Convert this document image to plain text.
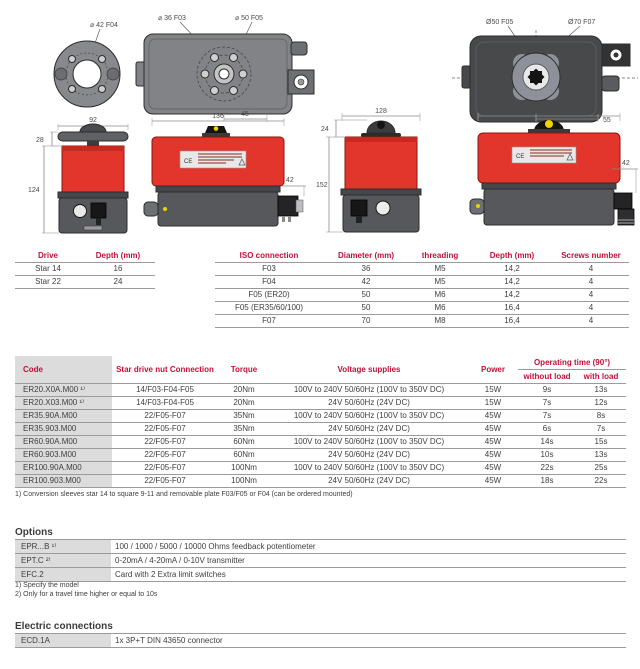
⌀ 42 F04
⌀ 36 F03	⌀ 50 F05
45
Ø50 F05	Ø70 F07
55
92
28
124
136
CE
42
128
24
152
151
CE
42
Drive	Depth (mm)
Star 14	16
Star 22	24
ISO connection	Diameter (mm)	threading	Depth (mm)	Screws number
F03	36	M5	14,2	4
F04	42	M5	14,2	4
F05 (ER20)	50	M6	14,2	4
F05 (ER35/60/100)	50	M6	16,4	4
F07	70	M8	16,4	4
Code	Star drive nut Connection	Torque	Voltage supplies	Power	Operating time (90°)	
					without load	with load
ER20.X0A.M00 ¹⁾	14/F03-F04-F05	20Nm	100V to 240V 50/60Hz (100V to 350V DC)	15W	9s	13s
ER20.X03.M00 ¹⁾	14/F03-F04-F05	20Nm	24V 50/60Hz (24V DC)	15W	7s	12s
ER35.90A.M00	22/F05-F07	35Nm	100V to 240V 50/60Hz (100V to 350V DC)	45W	7s	8s
ER35.903.M00	22/F05-F07	35Nm	24V 50/60Hz (24V DC)	45W	6s	7s
ER60.90A.M00	22/F05-F07	60Nm	100V to 240V 50/60Hz (100V to 350V DC)	45W	14s	15s
ER60.903.M00	22/F05-F07	60Nm	24V 50/60Hz (24V DC)	45W	10s	13s
ER100.90A.M00	22/F05-F07	100Nm	100V to 240V 50/60Hz (100V to 350V DC)	45W	22s	25s
ER100.903.M00	22/F05-F07	100Nm	24V 50/60Hz (24V DC)	45W	18s	22s
1) Conversion sleeves star 14 to square 9-11 and removable plate F03/F05 or F04 (can be ordered mounted)
Options
EPR...B ¹⁾	100 / 1000 / 5000 / 10000 Ohms feedback potentiometer
EPT.C ²⁾	0-20mA / 4-20mA / 0-10V transmitter
EFC.2	Card with 2 Extra limit switches
1) Specify the model
2) Only for a travel time higher or equal to 10s
Electric connections
ECD.1A	1x 3P+T DIN 43650 connector
